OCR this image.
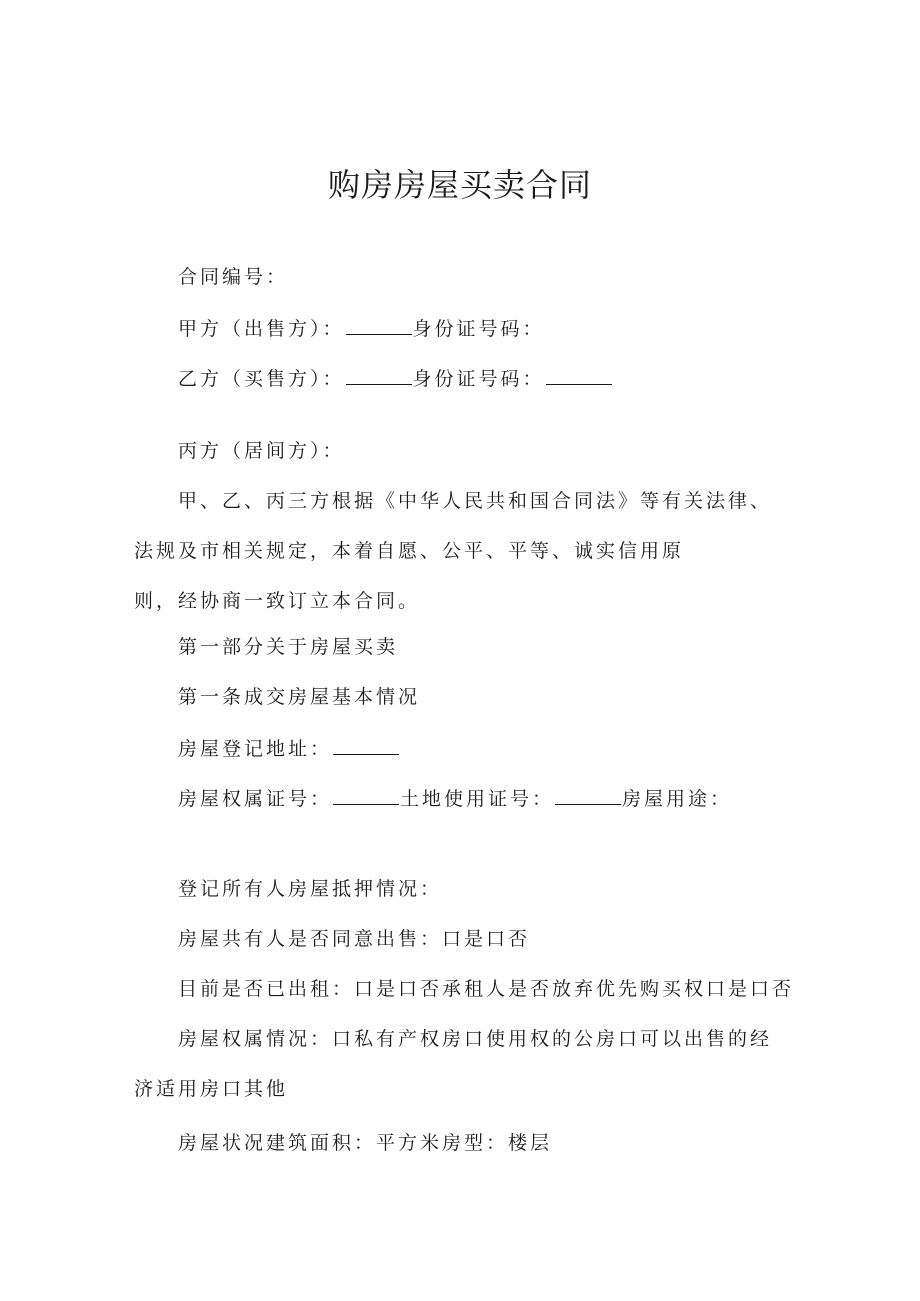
购房房屋买卖合同
合同编号：
甲方（出售方）：	身份证号码：
乙方（买售方）：	身份证号码：
丙方（居间方）：
甲、乙、丙三方根据《中华人民共和国合同法》等有关法律、
法规及市相关规定，本着自愿、公平、平等、诚实信用原
则，经协商一致订立本合同。
第一部分关于房屋买卖
第一条成交房屋基本情况
房屋登记地址：
房屋权属证号：	土地使用证号：	房屋用途：
登记所有人房屋抵押情况：
房屋共有人是否同意出售：口是口否
目前是否已出租：口是口否承租人是否放弃优先购买权口是口否
房屋权属情况：口私有产权房口使用权的公房口可以出售的经
济适用房口其他
房屋状况建筑面积：平方米房型：楼层
